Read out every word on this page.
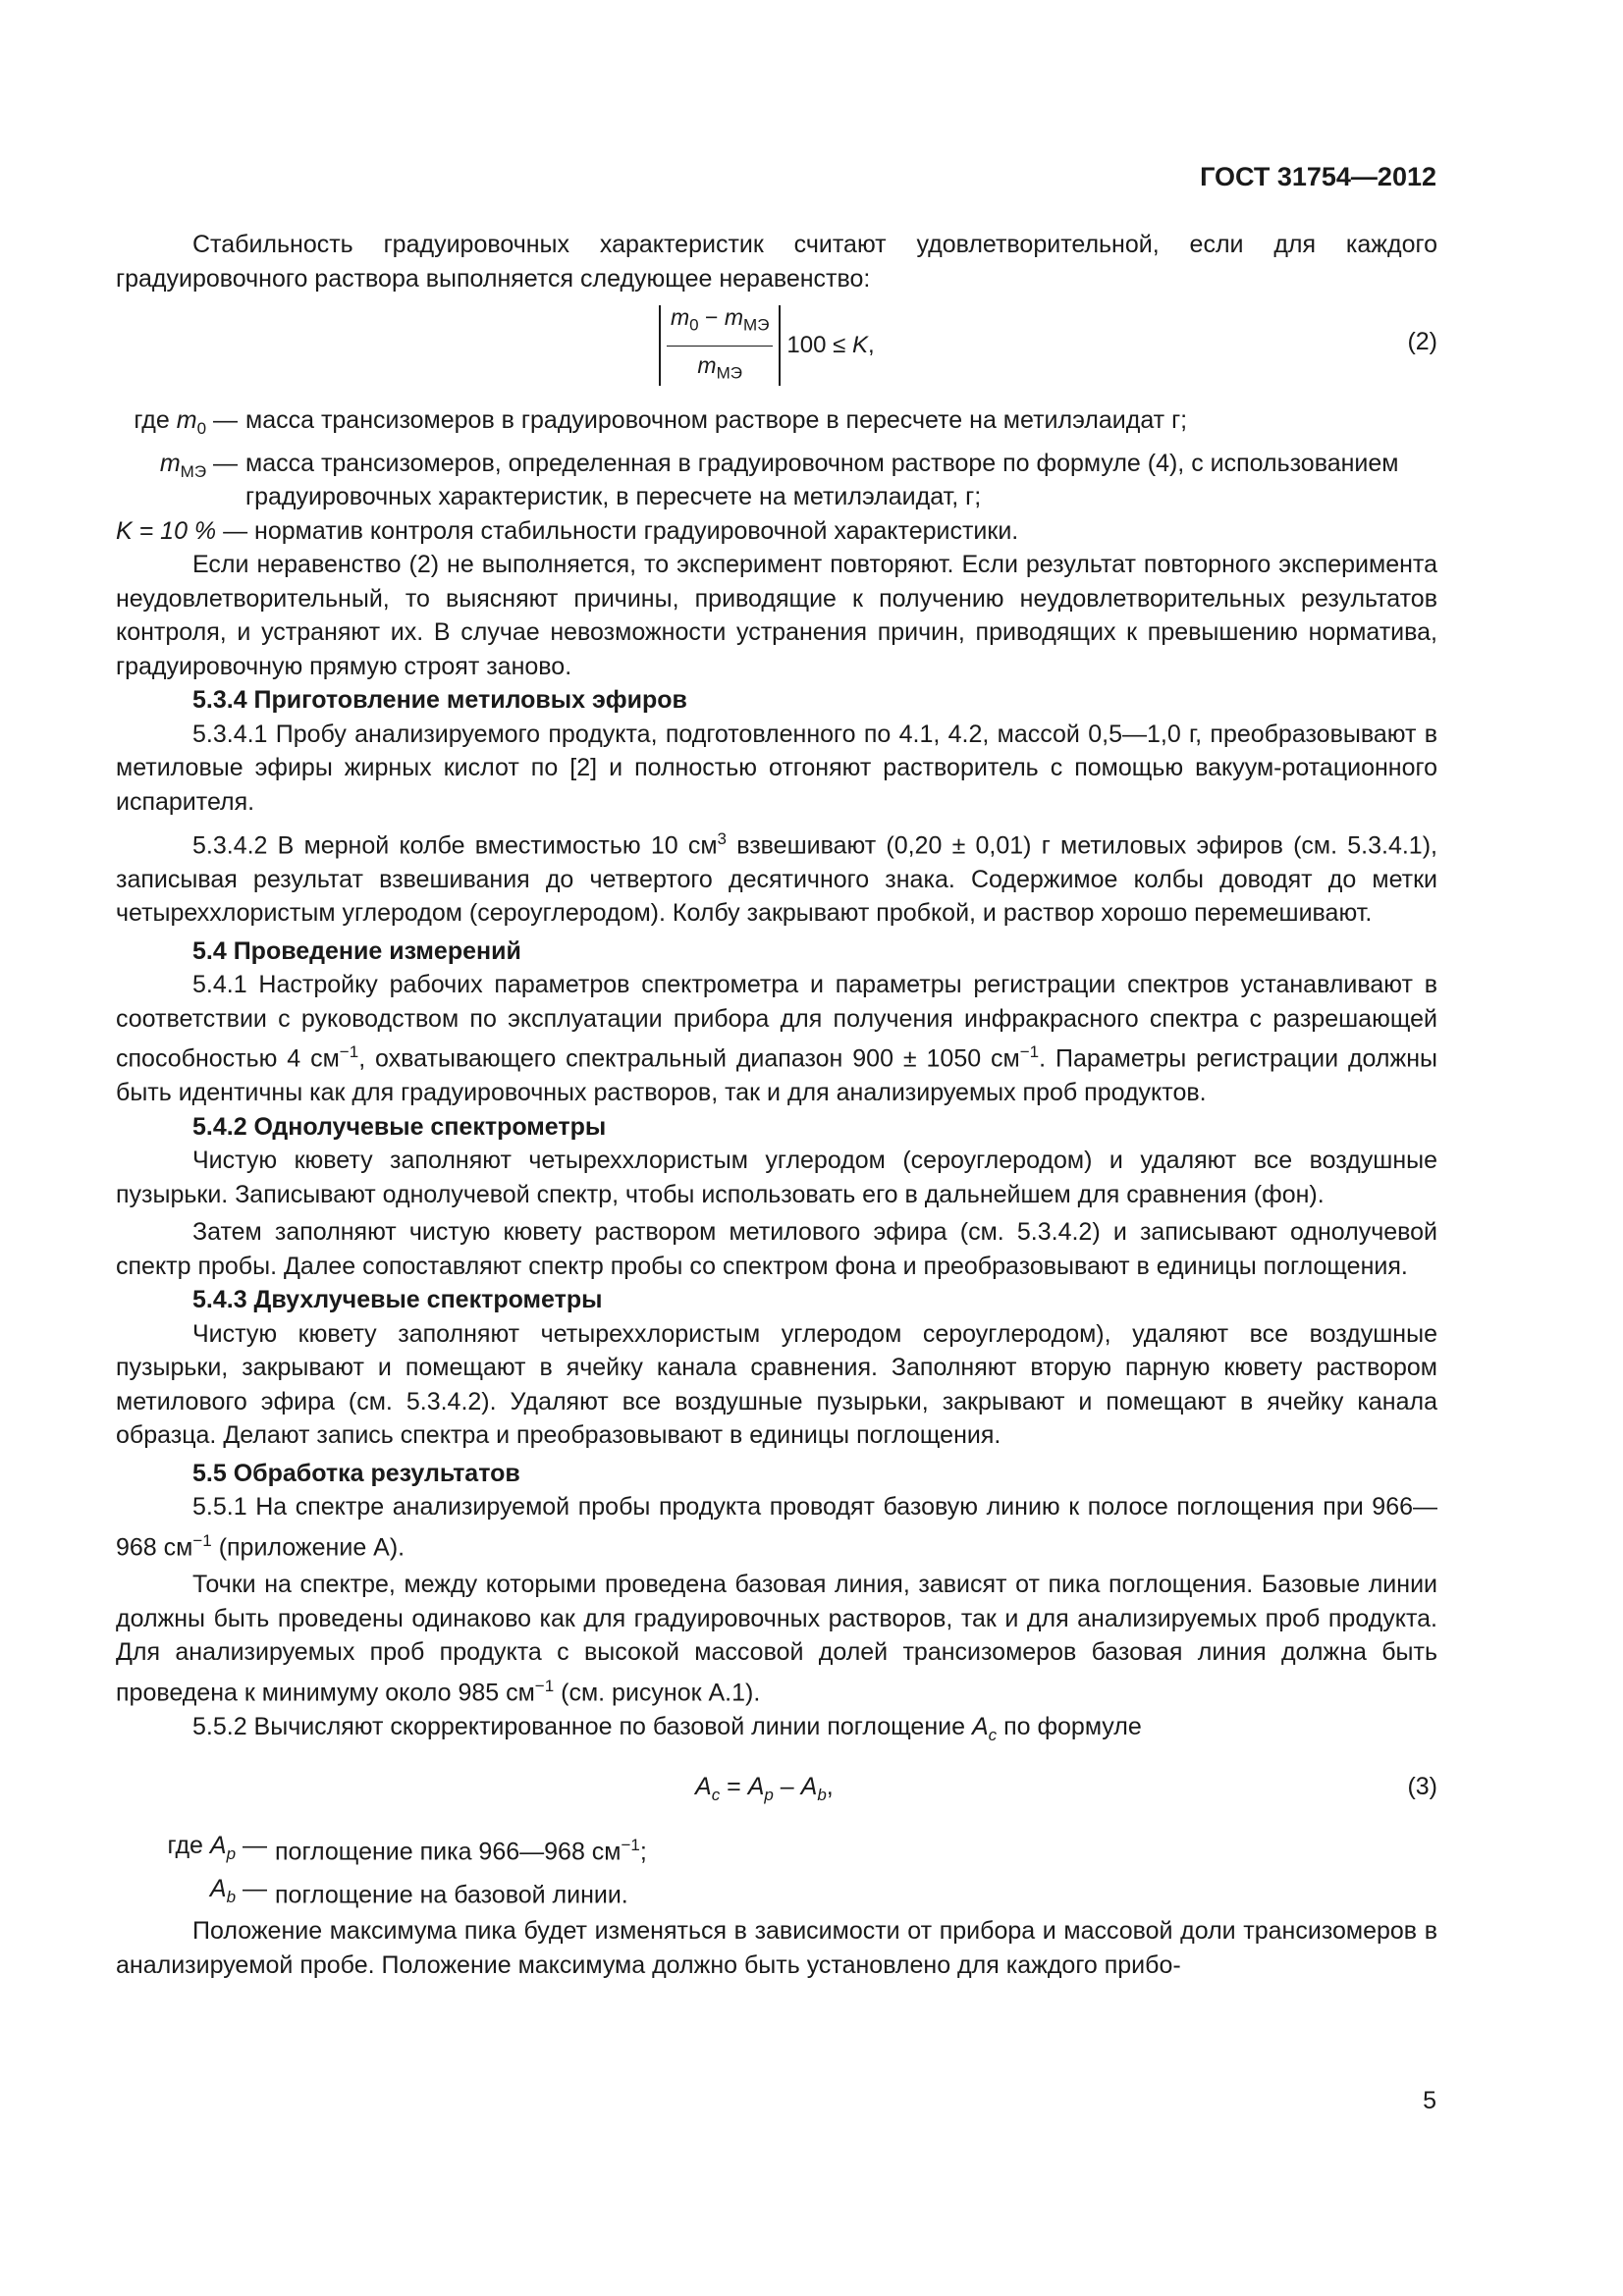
ГОСТ 31754—2012

Стабильность градуировочных характеристик считают удовлетворительной, если для каждого градуировочного раствора выполняется следующее неравенство:

$m_0 - m_{МЭ}$
$m_{МЭ}$
100 ≤ K,	(2)
где $m_0$ — масса трансизомеров в градуировочном растворе в пересчете на метилэлаидат г;
$m_{МЭ}$ — масса трансизомеров, определенная в градуировочном растворе по формуле (4), с использованием градуировочных характеристик, в пересчете на метилэлаидат, г;

K = 10 % — норматив контроля стабильности градуировочной характеристики.

Если неравенство (2) не выполняется, то эксперимент повторяют. Если результат повторного эксперимента неудовлетворительный, то выясняют причины, приводящие к получению неудовлетворительных результатов контроля, и устраняют их. В случае невозможности устранения причин, приводящих к превышению норматива, градуировочную прямую строят заново.

5.3.4 Приготовление метиловых эфиров

5.3.4.1 Пробу анализируемого продукта, подготовленного по 4.1, 4.2, массой 0,5—1,0 г, преобразовывают в метиловые эфиры жирных кислот по [2] и полностью отгоняют растворитель с помощью вакуум-ротационного испарителя.

5.3.4.2 В мерной колбе вместимостью 10 $см^3$ взвешивают (0,20 ± 0,01) г метиловых эфиров (см. 5.3.4.1), записывая результат взвешивания до четвертого десятичного знака. Содержимое колбы доводят до метки четыреххлористым углеродом (сероуглеродом). Колбу закрывают пробкой, и раствор хорошо перемешивают.

5.4 Проведение измерений

5.4.1 Настройку рабочих параметров спектрометра и параметры регистрации спектров устанавливают в соответствии с руководством по эксплуатации прибора для получения инфракрасного спектра с разрешающей способностью 4 $см^{-1}$, охватывающего спектральный диапазон 900 ± 1050 $см^{-1}$. Параметры регистрации должны быть идентичны как для градуировочных растворов, так и для анализируемых проб продуктов.

5.4.2 Однолучевые спектрометры

Чистую кювету заполняют четыреххлористым углеродом (сероуглеродом) и удаляют все воздушные пузырьки. Записывают однолучевой спектр, чтобы использовать его в дальнейшем для сравнения (фон).

Затем заполняют чистую кювету раствором метилового эфира (см. 5.3.4.2) и записывают однолучевой спектр пробы. Далее сопоставляют спектр пробы со спектром фона и преобразовывают в единицы поглощения.

5.4.3 Двухлучевые спектрометры

Чистую кювету заполняют четыреххлористым углеродом сероуглеродом), удаляют все воздушные пузырьки, закрывают и помещают в ячейку канала сравнения. Заполняют вторую парную кювету раствором метилового эфира (см. 5.3.4.2). Удаляют все воздушные пузырьки, закрывают и помещают в ячейку канала образца. Делают запись спектра и преобразовывают в единицы поглощения.

5.5 Обработка результатов

5.5.1 На спектре анализируемой пробы продукта проводят базовую линию к полосе поглощения при 966—968 $см^{-1}$ (приложение А).

Точки на спектре, между которыми проведена базовая линия, зависят от пика поглощения. Базовые линии должны быть проведены одинаково как для градуировочных растворов, так и для анализируемых проб продукта. Для анализируемых проб продукта с высокой массовой долей трансизомеров базовая линия должна быть проведена к минимуму около 985 $см^{-1}$ (см. рисунок А.1).

5.5.2 Вычисляют скорректированное по базовой линии поглощение $A_c$ по формуле

$A_c = A_p - A_b$,	(3)
где $A_p$ — поглощение пика 966—968 $см^{-1}$;
$A_b$ — поглощение на базовой линии.

Положение максимума пика будет изменяться в зависимости от прибора и массовой доли трансизомеров в анализируемой пробе. Положение максимума должно быть установлено для каждого прибо-

5
